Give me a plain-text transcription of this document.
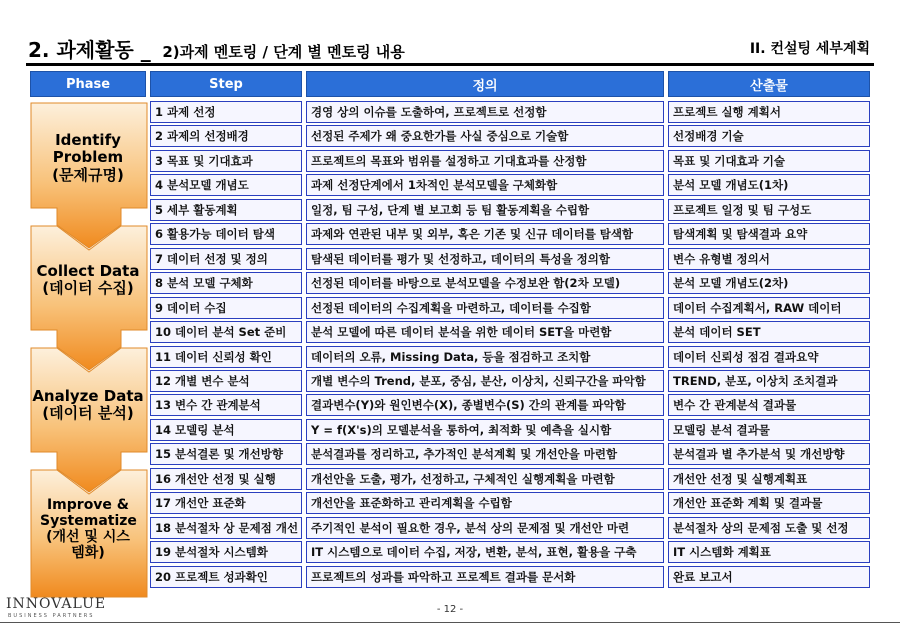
2. 과제활동 _ 2)과제 멘토링 / 단계 별 멘토링 내용	II. 컨설팅 세부계획
Phase	Step	정의	산출물
Identify Problem
(문제규명)
Collect Data
(데이터 수집)
Analyze Data
(데이터 분석)
Improve & Systematize
(개선 및 시스템화)
1 과제 선정	경영 상의 이슈를 도출하여, 프로젝트로 선정함	프로젝트 실행 계획서
2 과제의 선정배경	선정된 주제가 왜 중요한가를 사실 중심으로 기술함	선정배경 기술
3 목표 및 기대효과	프로젝트의 목표와 범위를 설정하고 기대효과를 산정함	목표 및 기대효과 기술
4 분석모델 개념도	과제 선정단계에서 1차적인 분석모델을 구체화함	분석 모델 개념도(1차)
5 세부 활동계획	일정, 팀 구성, 단계 별 보고회 등 팀 활동계획을 수립함	프로젝트 일정 및 팀 구성도
6 활용가능 데이터 탐색	과제와 연관된 내부 및 외부, 혹은 기존 및 신규 데이터를 탐색함	탐색계획 및 탐색결과 요약
7 데이터 선정 및 정의	탐색된 데이터를 평가 및 선정하고, 데이터의 특성을 정의함	변수 유형별 정의서
8 분석 모델 구체화	선정된 데이터를 바탕으로 분석모델을 수정보완 함(2차 모델)	분석 모델 개념도(2차)
9 데이터 수집	선정된 데이터의 수집계획을 마련하고, 데이터를 수집함	데이터 수집계획서, RAW 데이터
10 데이터 분석 Set 준비	분석 모델에 따른 데이터 분석을 위한 데이터 SET을 마련함	분석 데이터 SET
11 데이터 신뢰성 확인	데이터의 오류, Missing Data, 등을 점검하고 조치함	데이터 신뢰성 점검 결과요약
12 개별 변수 분석	개별 변수의 Trend, 분포, 중심, 분산, 이상치, 신뢰구간을 파악함	TREND, 분포, 이상치 조치결과
13 변수 간 관계분석	결과변수(Y)와 원인변수(X), 종별변수(S) 간의 관계를 파악함	변수 간 관계분석 결과물
14 모델링 분석	Y = f(X's)의 모델분석을 통하여, 최적화 및 예측을 실시함	모델링 분석 결과물
15 분석결론 및 개선방향	분석결과를 정리하고, 추가적인 분석계획 및 개선안을 마련함	분석결과 별 추가분석 및 개선방향
16 개선안 선정 및 실행	개선안을 도출, 평가, 선정하고, 구체적인 실행계획을 마련함	개선안 선정 및 실행계획표
17 개선안 표준화	개선안을 표준화하고 관리계획을 수립함	개선안 표준화 계획 및 결과물
18 분석절차 상 문제점 개선	주기적인 분석이 필요한 경우, 분석 상의 문제점 및 개선안 마련	분석절차 상의 문제점 도출 및 선정
19 분석절차 시스템화	IT 시스템으로 데이터 수집, 저장, 변환, 분석, 표현, 활용을 구축	IT 시스템화 계획표
20 프로젝트 성과확인	프로젝트의 성과를 파악하고 프로젝트 결과를 문서화	완료 보고서
INNOVALUE
BUSINESS PARTNERS
- 12 -
